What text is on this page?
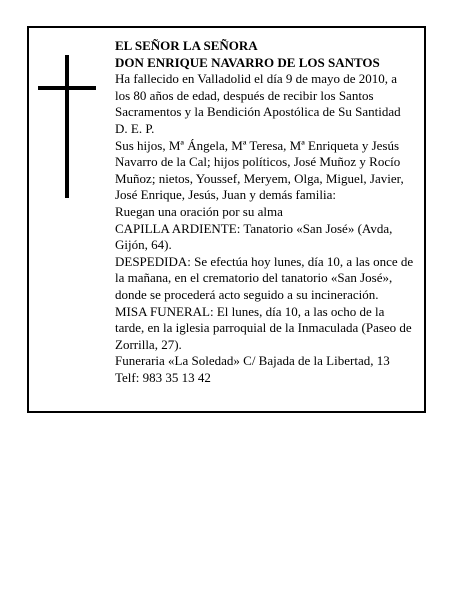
EL SEÑOR LA SEÑORA

DON ENRIQUE NAVARRO DE LOS SANTOS

Ha fallecido en Valladolid el día 9 de mayo de 2010, a los 80 años de edad, después de recibir los Santos Sacramentos y la Bendición Apostólica de Su Santidad D. E. P.

Sus hijos, Mª Ángela, Mª Teresa, Mª Enriqueta y Jesús Navarro de la Cal; hijos políticos, José Muñoz y Rocío Muñoz; nietos, Youssef, Meryem, Olga, Miguel, Javier, José Enrique, Jesús, Juan y demás familia:

Ruegan una oración por su alma

CAPILLA ARDIENTE: Tanatorio «San José» (Avda, Gijón, 64).

DESPEDIDA: Se efectúa hoy lunes, día 10, a las once de la mañana, en el crematorio del tanatorio «San José», donde se procederá acto seguido a su incineración.

MISA FUNERAL: El lunes, día 10, a las ocho de la tarde, en la iglesia parroquial de la Inmaculada (Paseo de Zorrilla, 27).

Funeraria «La Soledad» C/ Bajada de la Libertad, 13

Telf: 983 35 13 42
